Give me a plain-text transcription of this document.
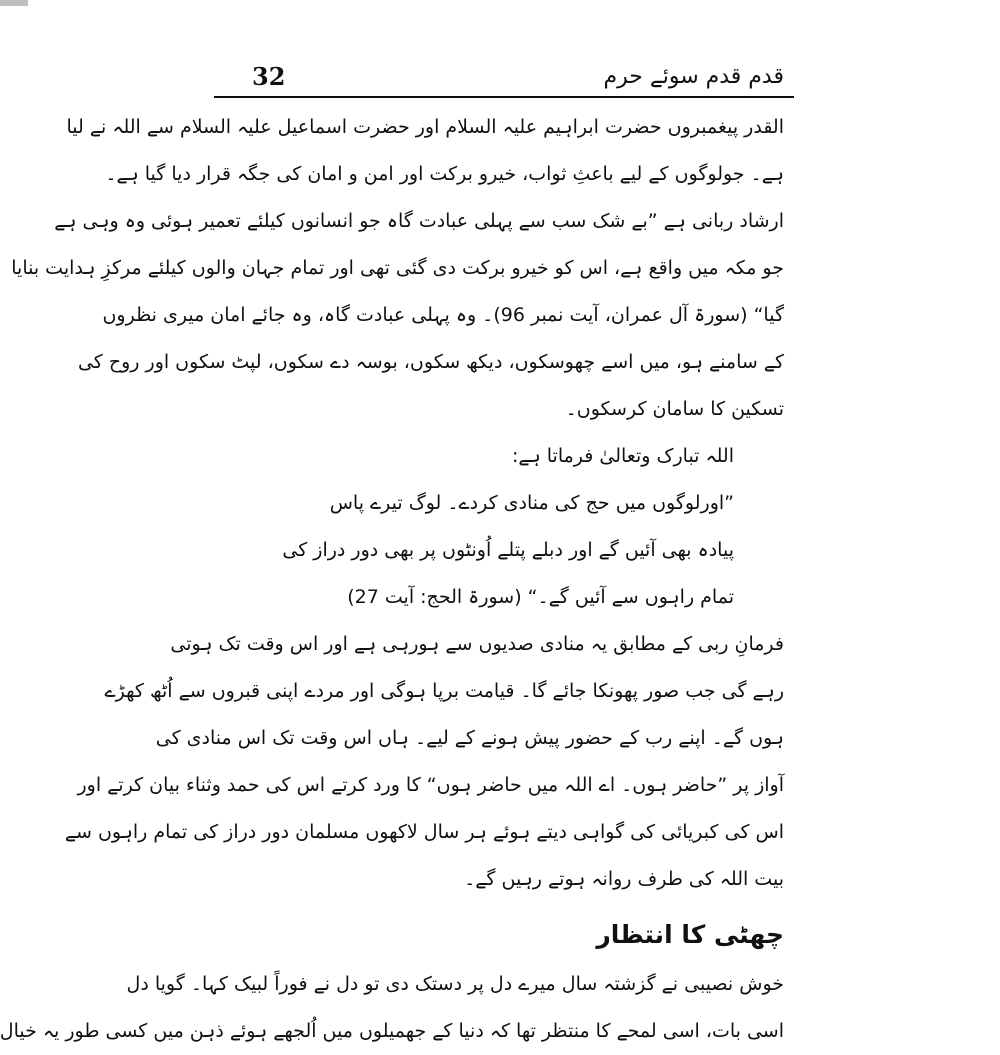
32	قدم قدم سوئے حرم
القدر پیغمبروں حضرت ابراہیم علیہ السلام اور حضرت اسماعیل علیہ السلام سے اللہ نے لیا
ہے۔ جولوگوں کے لیے باعثِ ثواب، خیرو برکت اور امن و امان کی جگہ قرار دیا گیا ہے۔
ارشاد ربانی ہے ”بے شک سب سے پہلی عبادت گاہ جو انسانوں کیلئے تعمیر ہوئی وہ وہی ہے
جو مکہ میں واقع ہے، اس کو خیرو برکت دی گئی تھی اور تمام جہان والوں کیلئے مرکزِ ہدایت بنایا
گیا“ (سورۃ آل عمران، آیت نمبر 96)۔ وہ پہلی عبادت گاہ، وہ جائے امان میری نظروں
کے سامنے ہو، میں اسے چھوسکوں، دیکھ سکوں، بوسہ دے سکوں، لپٹ سکوں اور روح کی
تسکین کا سامان کرسکوں۔
اللہ تبارک وتعالیٰ فرماتا ہے:
”اورلوگوں میں حج کی منادی کردے۔ لوگ تیرے پاس
پیادہ بھی آئیں گے اور دبلے پتلے اُونٹوں پر بھی دور دراز کی
تمام راہوں سے آئیں گے۔“ (سورۃ الحج: آیت 27)
فرمانِ ربی کے مطابق یہ منادی صدیوں سے ہورہی ہے اور اس وقت تک ہوتی
رہے گی جب صور پھونکا جائے گا۔ قیامت برپا ہوگی اور مردے اپنی قبروں سے اُٹھ کھڑے
ہوں گے۔ اپنے رب کے حضور پیش ہونے کے لیے۔ ہاں اس وقت تک اس منادی کی
آواز پر ”حاضر ہوں۔ اے اللہ میں حاضر ہوں“ کا ورد کرتے اس کی حمد وثناء بیان کرتے اور
اس کی کبریائی کی گواہی دیتے ہوئے ہر سال لاکھوں مسلمان دور دراز کی تمام راہوں سے
بیت اللہ کی طرف روانہ ہوتے رہیں گے۔
چھٹی کا انتظار
خوش نصیبی نے گزشتہ سال میرے دل پر دستک دی تو دل نے فوراً لبیک کہا۔ گویا دل
اسی بات، اسی لمحے کا منتظر تھا کہ دنیا کے جھمیلوں میں اُلجھے ہوئے ذہن میں کسی طور یہ خیال
